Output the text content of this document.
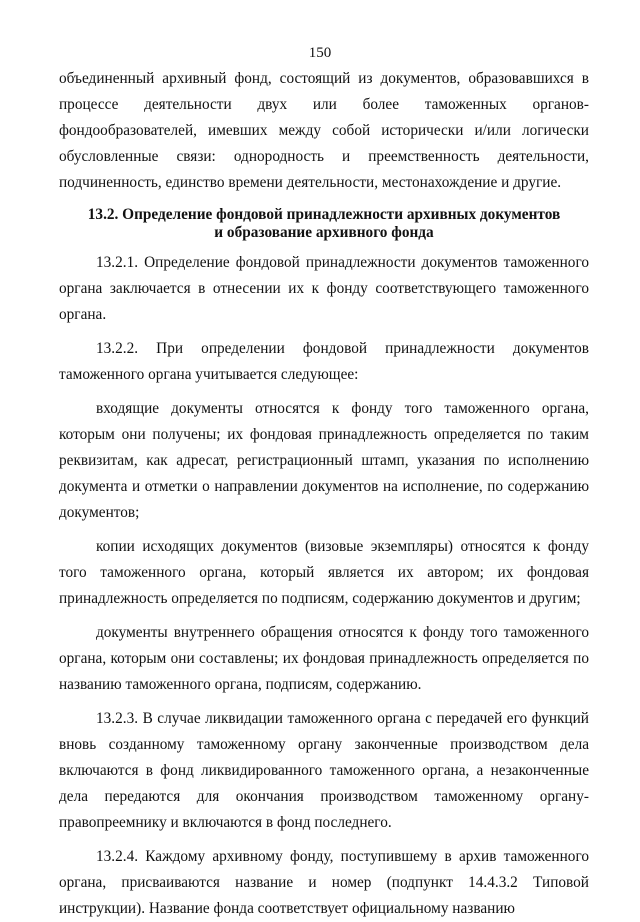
150

объединенный архивный фонд, состоящий из документов, образовавшихся в процессе деятельности двух или более таможенных органов-фондообразователей, имевших между собой исторически и/или логически обусловленные связи: однородность и преемственность деятельности, подчиненность, единство времени деятельности, местонахождение и другие.

13.2. Определение фондовой принадлежности архивных документов
и образование архивного фонда

13.2.1. Определение фондовой принадлежности документов таможенного органа заключается в отнесении их к фонду соответствующего таможенного органа.

13.2.2. При определении фондовой принадлежности документов таможенного органа учитывается следующее:

входящие документы относятся к фонду того таможенного органа, которым они получены; их фондовая принадлежность определяется по таким реквизитам, как адресат, регистрационный штамп, указания по исполнению документа и отметки о направлении документов на исполнение, по содержанию документов;

копии исходящих документов (визовые экземпляры) относятся к фонду того таможенного органа, который является их автором; их фондовая принадлежность определяется по подписям, содержанию документов и другим;

документы внутреннего обращения относятся к фонду того таможенного органа, которым они составлены; их фондовая принадлежность определяется по названию таможенного органа, подписям, содержанию.

13.2.3. В случае ликвидации таможенного органа с передачей его функций вновь созданному таможенному органу законченные производством дела включаются в фонд ликвидированного таможенного органа, а незаконченные дела передаются для окончания производством таможенному органу-правопреемнику и включаются в фонд последнего.

13.2.4. Каждому архивному фонду, поступившему в архив таможенного органа, присваиваются название и номер (подпункт 14.4.3.2 Типовой инструкции). Название фонда соответствует официальному названию
